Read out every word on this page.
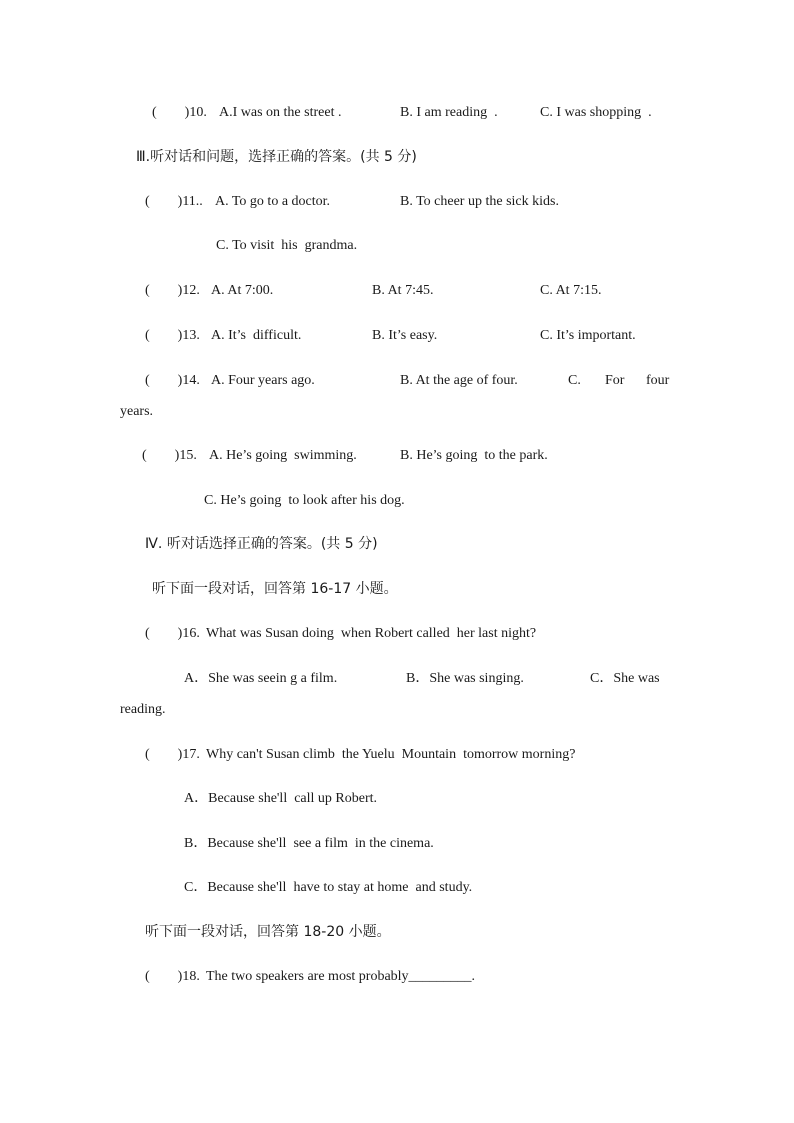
(        )10. A.I was on the street .	B. I am reading  .	C. I was shopping  .
Ⅲ.听对话和问题，选择正确的答案。(共 5 分)
(        )11.. A. To go to a doctor.	B. To cheer up the sick kids.
C. To visit  his  grandma.
(        )12. A. At 7:00.	B. At 7:45.	C. At 7:15.
(        )13. A. It’s  difficult.	B. It’s easy.	C. It’s important.
(        )14. A. Four years ago.	B. At the age of four.	C. For four
years.
(        )15. A. He’s going  swimming.	B. He’s going  to the park.
C. He’s going  to look after his dog.
Ⅳ. 听对话选择正确的答案。(共 5 分)
听下面一段对话，回答第 16-17 小题。
(        )16. What was Susan doing  when Robert called  her last night?
A．She was seein g a film.	B．She was singing.	C．She was
reading.
(        )17. Why can't Susan climb  the Yuelu  Mountain  tomorrow morning?
A．Because she'll  call up Robert.
B．Because she'll  see a film  in the cinema.
C．Because she'll  have to stay at home  and study.
听下面一段对话，回答第 18-20 小题。
(        )18. The two speakers are most probably_________.
